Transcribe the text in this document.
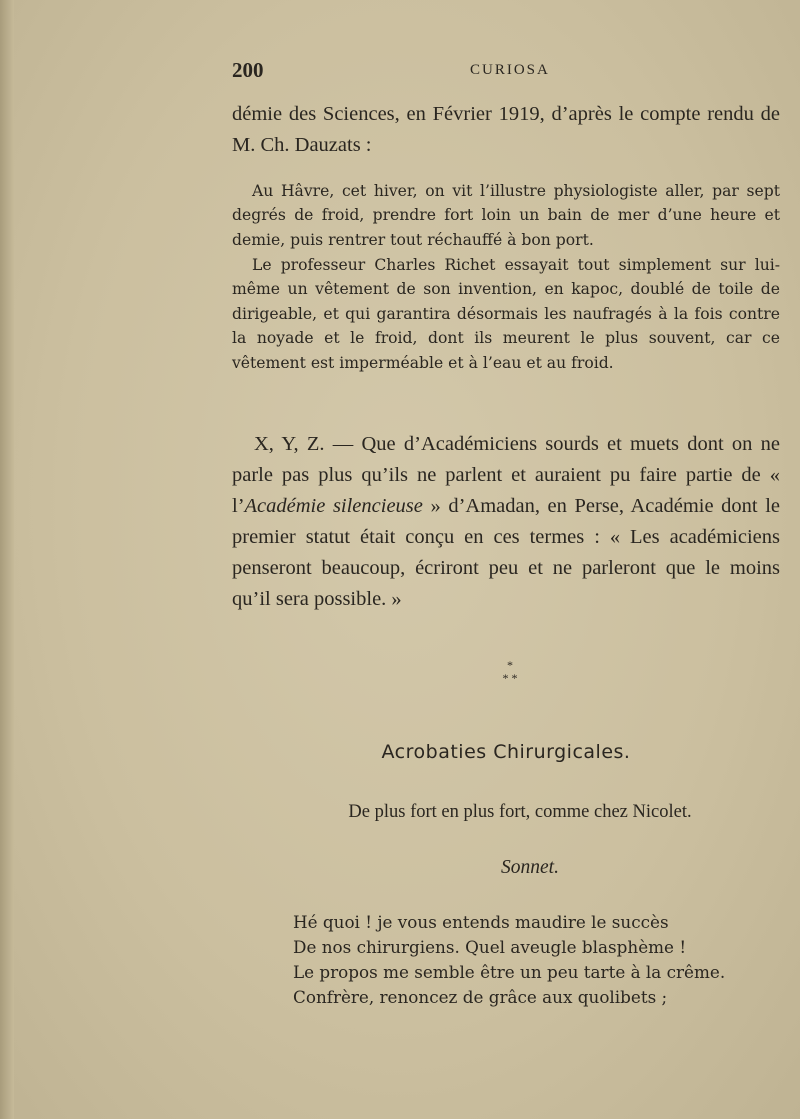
200	CURIOSA

démie des Sciences, en Février 1919, d’après le compte rendu de M. Ch. Dauzats :

Au Hâvre, cet hiver, on vit l’illustre physiologiste aller, par sept degrés de froid, prendre fort loin un bain de mer d’une heure et demie, puis rentrer tout réchauffé à bon port.

Le professeur Charles Richet essayait tout simplement sur lui-même un vêtement de son invention, en kapoc, doublé de toile de dirigeable, et qui garantira désormais les naufragés à la fois contre la noyade et le froid, dont ils meurent le plus souvent, car ce vêtement est imperméable et à l’eau et au froid.

X, Y, Z. — Que d’Académiciens sourds et muets dont on ne parle pas plus qu’ils ne parlent et auraient pu faire partie de « l’Académie silencieuse » d’Amadan, en Perse, Académie dont le premier statut était conçu en ces termes : « Les académiciens penseront beaucoup, écriront peu et ne parleront que le moins qu’il sera possible. »

*
* *
Acrobaties Chirurgicales.
De plus fort en plus fort, comme chez Nicolet.
Sonnet.
Hé quoi ! je vous entends maudire le succès
De nos chirurgiens. Quel aveugle blasphème !
Le propos me semble être un peu tarte à la crême.
Confrère, renoncez de grâce aux quolibets ;
